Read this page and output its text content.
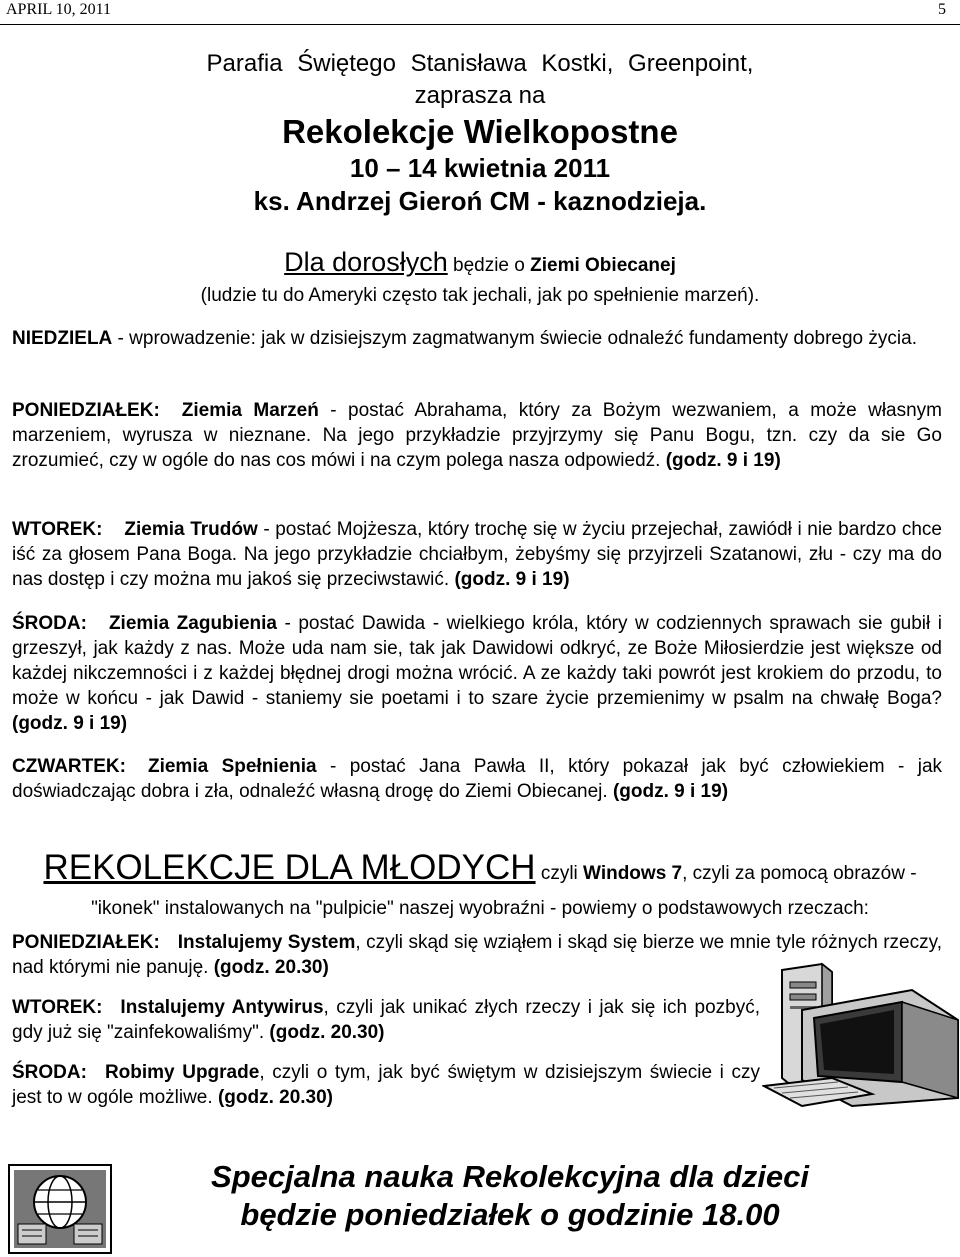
APRIL 10, 2011	5
Parafia Świętego Stanisława Kostki, Greenpoint,
zaprasza na
Rekolekcje Wielkopostne
10 – 14 kwietnia 2011
ks. Andrzej Gieroń CM - kaznodzieja.
Dla dorosłych będzie o Ziemi Obiecanej
(ludzie tu do Ameryki często tak jechali, jak po spełnienie marzeń).
NIEDZIELA - wprowadzenie: jak w dzisiejszym zagmatwanym świecie odnaleźć fundamenty dobrego życia.
PONIEDZIAŁEK: Ziemia Marzeń - postać Abrahama, który za Bożym wezwaniem, a może własnym marzeniem, wyrusza w nieznane. Na jego przykładzie przyjrzymy się Panu Bogu, tzn. czy da sie Go zrozumieć, czy w ogóle do nas cos mówi i na czym polega nasza odpowiedź. (godz. 9 i 19)
WTOREK: Ziemia Trudów - postać Mojżesza, który trochę się w życiu przejechał, zawiódł i nie bardzo chce iść za głosem Pana Boga. Na jego przykładzie chciałbym, żebyśmy się przyjrzeli Szatanowi, złu - czy ma do nas dostęp i czy można mu jakoś się przeciwstawić. (godz. 9 i 19)
ŚRODA: Ziemia Zagubienia - postać Dawida - wielkiego króla, który w codziennych sprawach sie gubił i grzeszył, jak każdy z nas. Może uda nam sie, tak jak Dawidowi odkryć, ze Boże Miłosierdzie jest większe od każdej nikczemności i z każdej błędnej drogi można wrócić. A ze każdy taki powrót jest krokiem do przodu, to może w końcu - jak Dawid - staniemy sie poetami i to szare życie przemienimy w psalm na chwałę Boga? (godz. 9 i 19)
CZWARTEK: Ziemia Spełnienia - postać Jana Pawła II, który pokazał jak być człowiekiem - jak doświadczając dobra i zła, odnaleźć własną drogę do Ziemi Obiecanej. (godz. 9 i 19)
REKOLEKCJE DLA MŁODYCH czyli Windows 7, czyli za pomocą obrazów -
"ikonek" instalowanych na "pulpicie" naszej wyobraźni - powiemy o podstawowych rzeczach:
PONIEDZIAŁEK: Instalujemy System, czyli skąd się wziąłem i skąd się bierze we mnie tyle różnych rzeczy, nad którymi nie panuję. (godz. 20.30)
WTOREK: Instalujemy Antywirus, czyli jak unikać złych rzeczy i jak się ich pozbyć, gdy już się "zainfekowaliśmy". (godz. 20.30)
ŚRODA: Robimy Upgrade, czyli o tym, jak być świętym w dzisiejszym świecie i czy jest to w ogóle możliwe. (godz. 20.30)
Specjalna nauka Rekolekcyjna dla dzieci
będzie poniedziałek o godzinie 18.00
